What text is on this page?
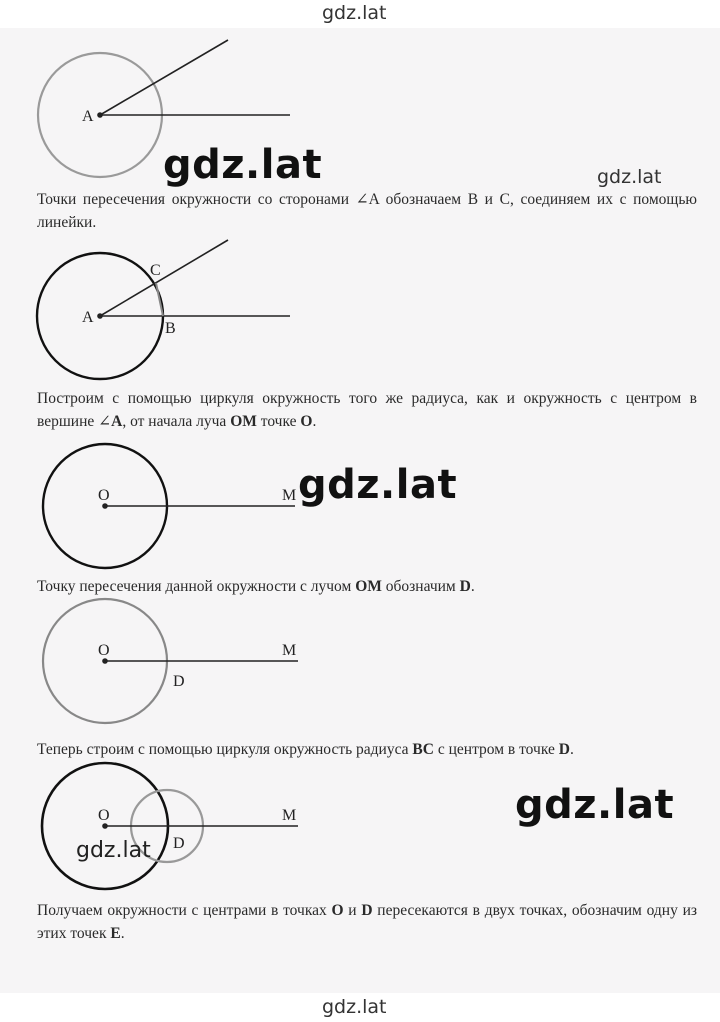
gdz.lat
gdz.lat
A
gdz.lat	gdz.lat
Точки пересечения окружности со сторонами ∠A обозначаем B и C, соединяем их с помощью линейки.
A
C
B
Построим с помощью циркуля окружность того же радиуса, как и окружность с центром в вершине ∠A, от начала луча OM точке O.
O	M gdz.lat
Точку пересечения данной окружности с лучом OM обозначим D.
O	M
D
Теперь строим с помощью циркуля окружность радиуса BC с центром в точке D.
O	M
D
gdz.lat
gdz.lat
Получаем окружности с центрами в точках O и D пересекаются в двух точках, обозначим одну из этих точек E.
